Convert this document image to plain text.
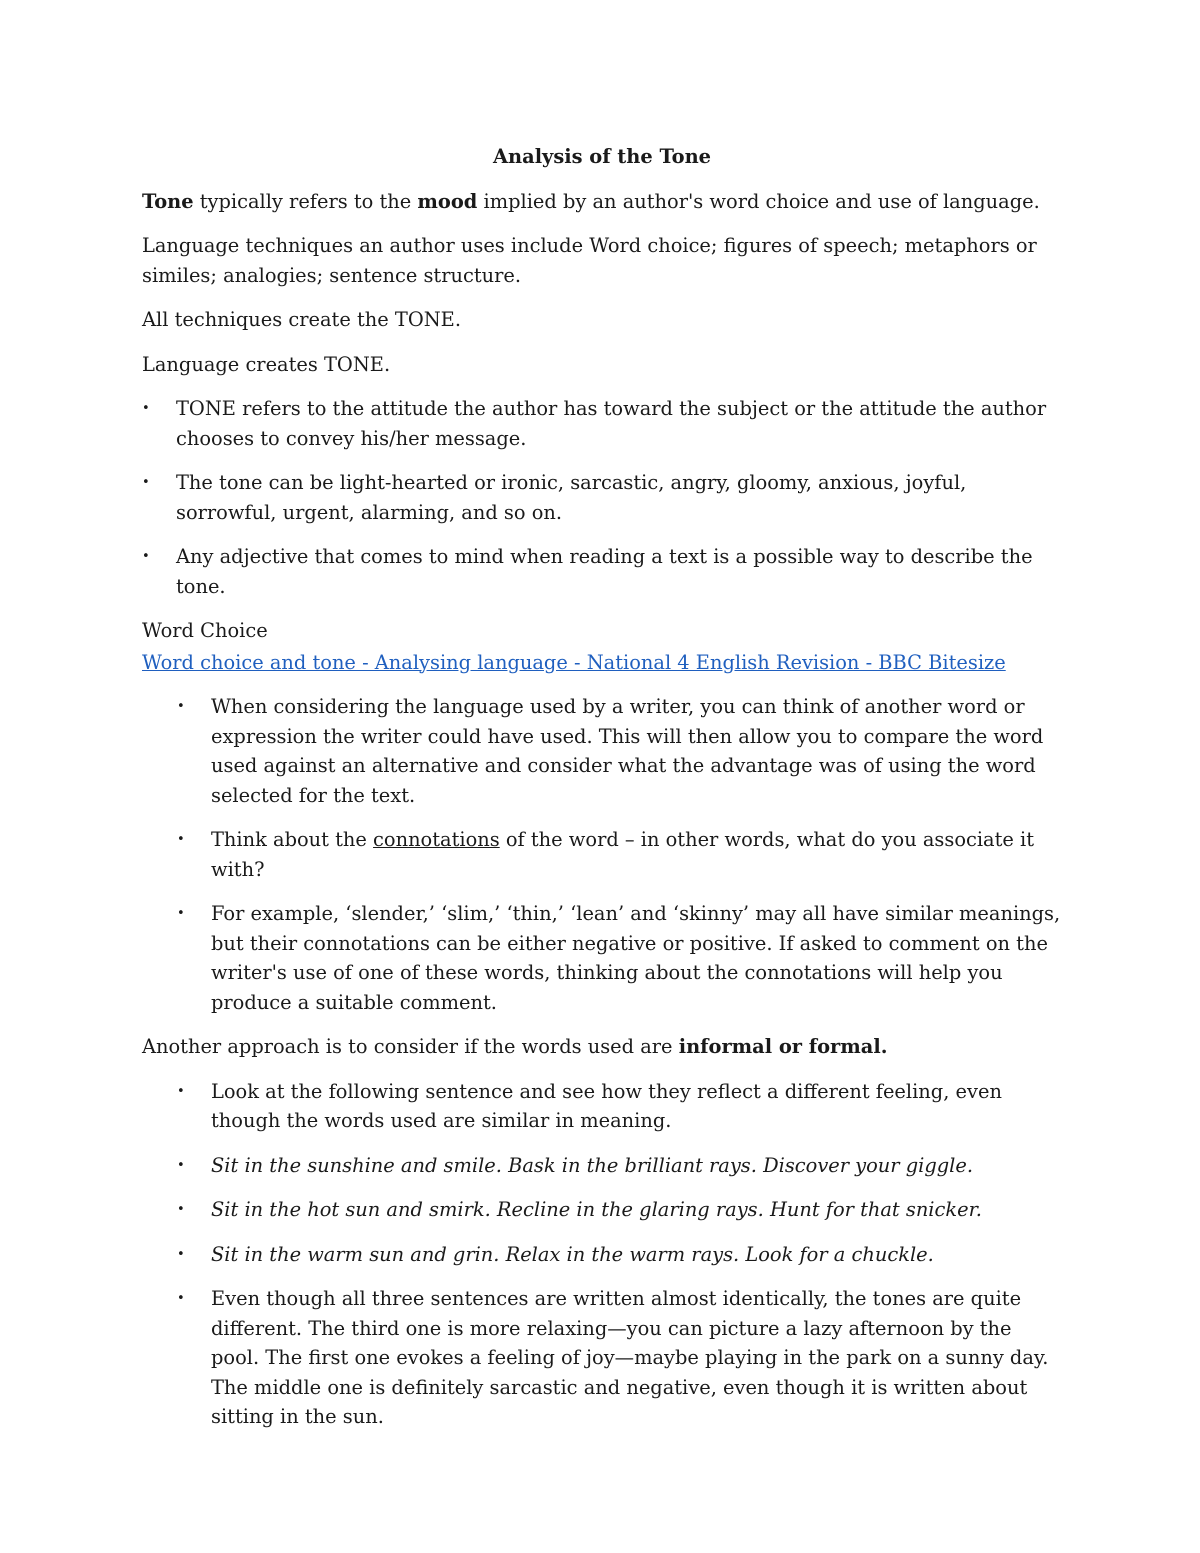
Analysis of the Tone

Tone typically refers to the mood implied by an author's word choice and use of language.

Language techniques an author uses include Word choice; figures of speech; metaphors or similes; analogies; sentence structure.

All techniques create the TONE.

Language creates TONE.

• TONE refers to the attitude the author has toward the subject or the attitude the author chooses to convey his/her message.
• The tone can be light-hearted or ironic, sarcastic, angry, gloomy, anxious, joyful, sorrowful, urgent, alarming, and so on.
• Any adjective that comes to mind when reading a text is a possible way to describe the tone.

Word Choice

Word choice and tone - Analysing language - National 4 English Revision - BBC Bitesize

• When considering the language used by a writer, you can think of another word or expression the writer could have used. This will then allow you to compare the word used against an alternative and consider what the advantage was of using the word selected for the text.
• Think about the connotations of the word – in other words, what do you associate it with?
• For example, ‘slender,’ ‘slim,’ ‘thin,’ ‘lean’ and ‘skinny’ may all have similar meanings, but their connotations can be either negative or positive. If asked to comment on the writer's use of one of these words, thinking about the connotations will help you produce a suitable comment.

Another approach is to consider if the words used are informal or formal.

• Look at the following sentence and see how they reflect a different feeling, even though the words used are similar in meaning.
• Sit in the sunshine and smile. Bask in the brilliant rays. Discover your giggle.
• Sit in the hot sun and smirk. Recline in the glaring rays. Hunt for that snicker.
• Sit in the warm sun and grin. Relax in the warm rays. Look for a chuckle.
• Even though all three sentences are written almost identically, the tones are quite different. The third one is more relaxing—you can picture a lazy afternoon by the pool. The first one evokes a feeling of joy—maybe playing in the park on a sunny day. The middle one is definitely sarcastic and negative, even though it is written about sitting in the sun.
